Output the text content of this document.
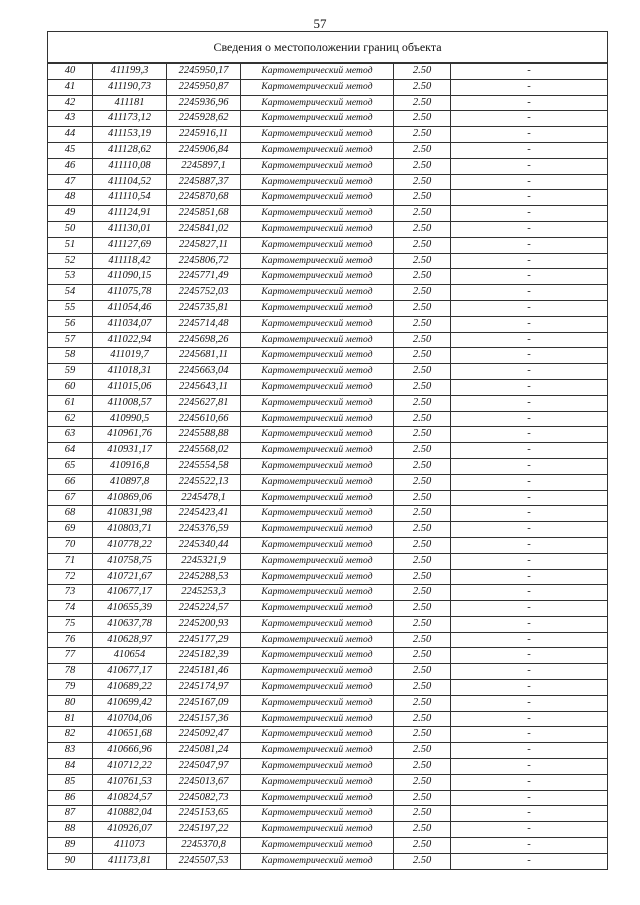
57
Сведения о местоположении границ объекта					
40	411199,3	2245950,17	Картометрический метод	2.50	-
41	411190,73	2245950,87	Картометрический метод	2.50	-
42	411181	2245936,96	Картометрический метод	2.50	-
43	411173,12	2245928,62	Картометрический метод	2.50	-
44	411153,19	2245916,11	Картометрический метод	2.50	-
45	411128,62	2245906,84	Картометрический метод	2.50	-
46	411110,08	2245897,1	Картометрический метод	2.50	-
47	411104,52	2245887,37	Картометрический метод	2.50	-
48	411110,54	2245870,68	Картометрический метод	2.50	-
49	411124,91	2245851,68	Картометрический метод	2.50	-
50	411130,01	2245841,02	Картометрический метод	2.50	-
51	411127,69	2245827,11	Картометрический метод	2.50	-
52	411118,42	2245806,72	Картометрический метод	2.50	-
53	411090,15	2245771,49	Картометрический метод	2.50	-
54	411075,78	2245752,03	Картометрический метод	2.50	-
55	411054,46	2245735,81	Картометрический метод	2.50	-
56	411034,07	2245714,48	Картометрический метод	2.50	-
57	411022,94	2245698,26	Картометрический метод	2.50	-
58	411019,7	2245681,11	Картометрический метод	2.50	-
59	411018,31	2245663,04	Картометрический метод	2.50	-
60	411015,06	2245643,11	Картометрический метод	2.50	-
61	411008,57	2245627,81	Картометрический метод	2.50	-
62	410990,5	2245610,66	Картометрический метод	2.50	-
63	410961,76	2245588,88	Картометрический метод	2.50	-
64	410931,17	2245568,02	Картометрический метод	2.50	-
65	410916,8	2245554,58	Картометрический метод	2.50	-
66	410897,8	2245522,13	Картометрический метод	2.50	-
67	410869,06	2245478,1	Картометрический метод	2.50	-
68	410831,98	2245423,41	Картометрический метод	2.50	-
69	410803,71	2245376,59	Картометрический метод	2.50	-
70	410778,22	2245340,44	Картометрический метод	2.50	-
71	410758,75	2245321,9	Картометрический метод	2.50	-
72	410721,67	2245288,53	Картометрический метод	2.50	-
73	410677,17	2245253,3	Картометрический метод	2.50	-
74	410655,39	2245224,57	Картометрический метод	2.50	-
75	410637,78	2245200,93	Картометрический метод	2.50	-
76	410628,97	2245177,29	Картометрический метод	2.50	-
77	410654	2245182,39	Картометрический метод	2.50	-
78	410677,17	2245181,46	Картометрический метод	2.50	-
79	410689,22	2245174,97	Картометрический метод	2.50	-
80	410699,42	2245167,09	Картометрический метод	2.50	-
81	410704,06	2245157,36	Картометрический метод	2.50	-
82	410651,68	2245092,47	Картометрический метод	2.50	-
83	410666,96	2245081,24	Картометрический метод	2.50	-
84	410712,22	2245047,97	Картометрический метод	2.50	-
85	410761,53	2245013,67	Картометрический метод	2.50	-
86	410824,57	2245082,73	Картометрический метод	2.50	-
87	410882,04	2245153,65	Картометрический метод	2.50	-
88	410926,07	2245197,22	Картометрический метод	2.50	-
89	411073	2245370,8	Картометрический метод	2.50	-
90	411173,81	2245507,53	Картометрический метод	2.50	-
